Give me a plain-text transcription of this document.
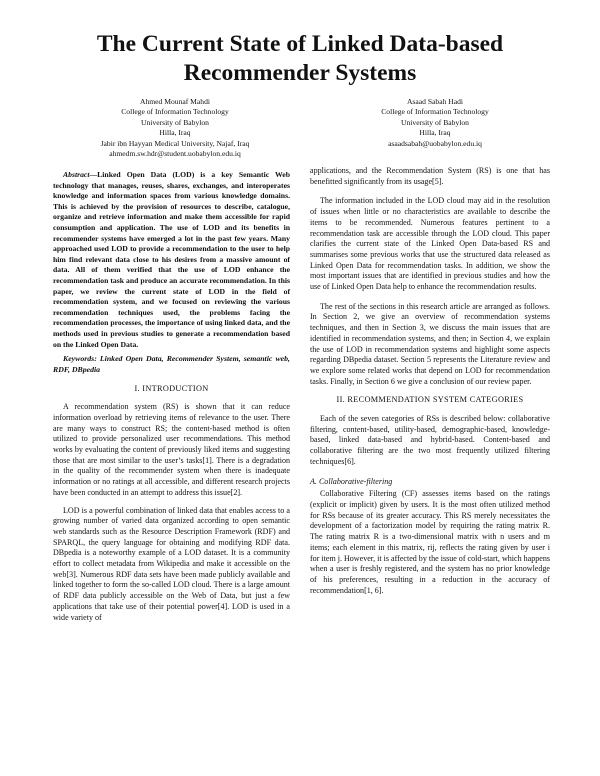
The Current State of Linked Data-based
Recommender Systems
Ahmed Mounaf Mahdi
College of Information Technology
University of Babylon
Hilla, Iraq
Jabir ibn Hayyan Medical University, Najaf, Iraq
ahmedm.sw.hdr@student.uobabylon.edu.iq
Asaad Sabah Hadi
College of Information Technology
University of Babylon
Hilla, Iraq
asaadsabah@uobabylon.edu.iq

Abstract—Linked Open Data (LOD) is a key Semantic Web technology that manages, reuses, shares, exchanges, and interoperates knowledge and information spaces from various knowledge domains. This is achieved by the provision of resources to describe, catalogue, organize and retrieve information and make them accessible for rapid consumption and application. The use of LOD and its benefits in recommender systems have emerged a lot in the past few years. Many approached used LOD to provide a recommendation to the user to help him find relevant data close to his desires from a massive amount of data. All of them verified that the use of LOD enhance the recommendation task and produce an accurate recommendation. In this paper, we review the current state of LOD in the field of recommendation system, and we focused on reviewing the various recommendation techniques used, the problems facing the recommendation processes, the importance of using linked data, and the methods used in previous studies to generate a recommendation based on the Linked Open Data.

Keywords: Linked Open Data, Recommender System, semantic web, RDF, DBpedia

I. INTRODUCTION

A recommendation system (RS) is shown that it can reduce information overload by retrieving items of relevance to the user. There are many ways to construct RS; the content-based method is often utilized to provide personalized user recommendations. This method works by evaluating the content of previously liked items and suggesting those that are most similar to the user’s tasks[1]. There is a degradation in the quality of the recommender system when there is inadequate information or no ratings at all accessible, and different research projects have been conducted in an attempt to address this issue[2].

LOD is a powerful combination of linked data that enables access to a growing number of varied data organized according to open semantic web standards such as the Resource Description Framework (RDF) and SPARQL, the query language for obtaining and modifying RDF data. DBpedia is a noteworthy example of a LOD dataset. It is a community effort to collect metadata from Wikipedia and make it accessible on the web[3]. Numerous RDF data sets have been made publicly available and linked together to form the so-called LOD cloud. There is a large amount of RDF data publicly accessible on the Web of Data, but just a few applications that take use of their potential power[4]. LOD is used in a wide variety of

applications, and the Recommendation System (RS) is one that has benefitted significantly from its usage[5].

The information included in the LOD cloud may aid in the resolution of issues when little or no characteristics are available to describe the items to be recommended. Numerous features pertinent to a recommendation task are accessible through the LOD cloud. This paper clarifies the current state of the Linked Open Data-based RS and summarises some previous works that use the structured data released as Linked Open Data for recommendation tasks. In addition, we show the most important issues that are identified in previous studies and how the use of Linked Open Data help to enhance the recommendation results.

The rest of the sections in this research article are arranged as follows. In Section 2, we give an overview of recommendation systems techniques, and then in Section 3, we discuss the main issues that are identified in recommendation systems, and then; in Section 4, we explain the use of LOD in recommendation systems and highlight some aspects regarding DBpedia dataset. Section 5 represents the Literature review and we explore some related works that depend on LOD for recommendation tasks. Finally, in Section 6 we give a conclusion of our review paper.

II. RECOMMENDATION SYSTEM CATEGORIES

Each of the seven categories of RSs is described below: collaborative filtering, content-based, utility-based, demographic-based, knowledge-based, linked data-based and hybrid-based. Content-based and collaborative filtering are the two most frequently utilized filtering techniques[6].

A. Collaborative-filtering

Collaborative Filtering (CF) assesses items based on the ratings (explicit or implicit) given by users. It is the most often utilized method for RSs because of its greater accuracy. This RS merely necessitates the development of a factorization model by requiring the rating matrix R. The rating matrix R is a two-dimensional matrix with n users and m items; each element in this matrix, rij, reflects the rating given by user i for item j. However, it is affected by the issue of cold-start, which happens when a user is freshly registered, and the system has no prior knowledge of his preferences, resulting in a reduction in the accuracy of recommendation[1, 6].
